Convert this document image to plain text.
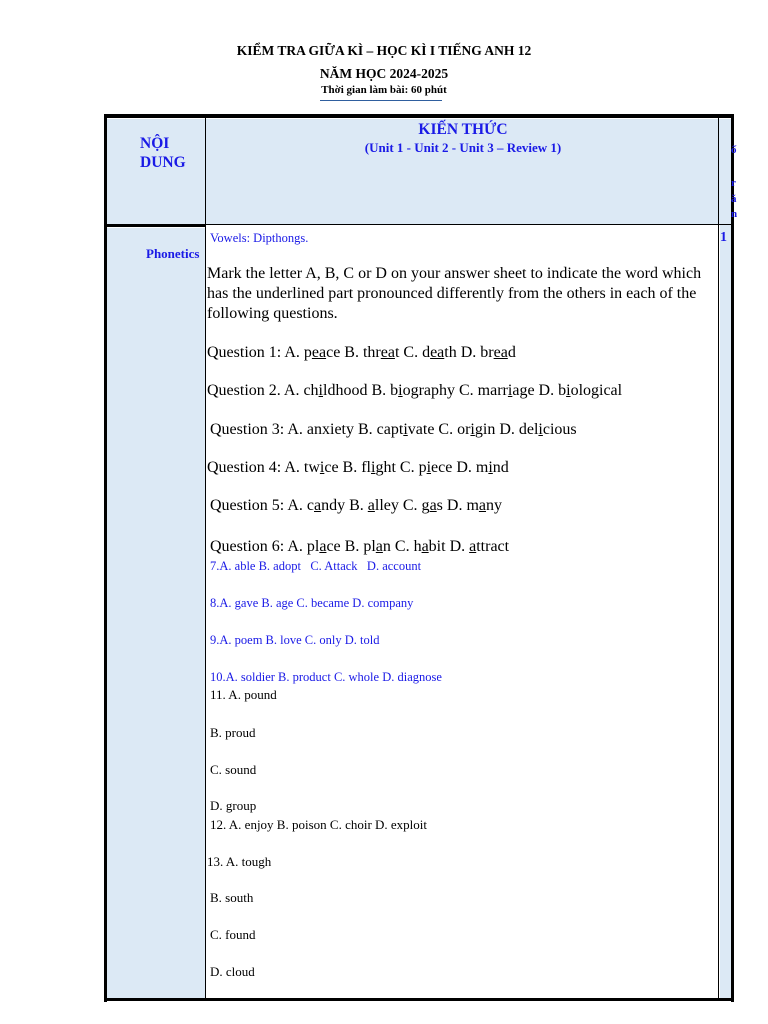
KIỂM TRA GIỮA KÌ – HỌC KÌ I TIẾNG ANH 12
NĂM HỌC 2024-2025
Thời gian làm bài: 60 phút
NỘI
DUNG
KIẾN THỨC
(Unit 1 - Unit 2 - Unit 3 – Review 1)	ố
r
ă
n
Phonetics
1
Vowels: Dipthongs.
Mark the letter A, B, C or D on your answer sheet to indicate the word which has the underlined part pronounced differently from the others in each of the following questions.
Question 1: A. peace B. threat C. death D. bread
Question 2. A. childhood B. biography C. marriage D. biological
Question 3: A. anxiety B. captivate C. origin D. delicious
Question 4: A. twice B. flight C. piece D. mind
Question 5: A. candy B. alley C. gas D. many
Question 6: A. place B. plan C. habit D. attract
7.A. able B. adopt   C. Attack   D. account
8.A. gave B. age C. became D. company
9.A. poem B. love C. only D. told
10.A. soldier B. product C. whole D. diagnose
11. A. pound
B. proud
C. sound
D. group
12. A. enjoy B. poison C. choir D. exploit
13. A. tough
B. south
C. found
D. cloud
